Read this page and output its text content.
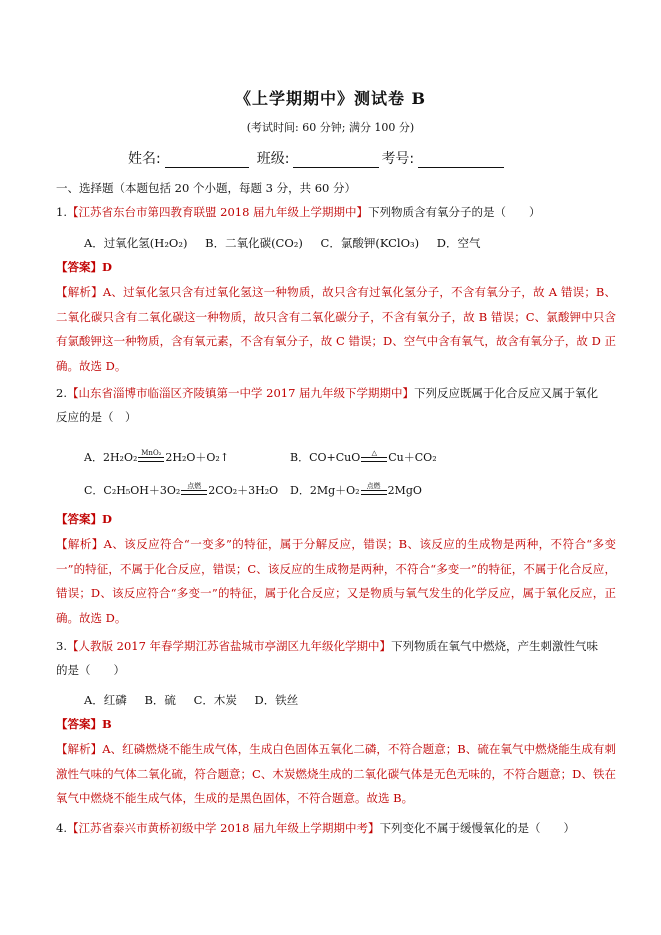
《上学期期中》测试卷 B
(考试时间: 60 分钟; 满分 100 分)
姓名:	班级:	考号:
一、选择题（本题包括 20 个小题，每题 3 分，共 60 分）
1.【江苏省东台市第四教育联盟 2018 届九年级上学期期中】下列物质含有氧分子的是（　　）
A．过氧化氢(H₂O₂) B．二氧化碳(CO₂) C．氯酸钾(KClO₃) D．空气
【答案】D
【解析】A、过氧化氢只含有过氧化氢这一种物质，故只含有过氧化氢分子，不含有氧分子，故 A 错误；B、二氧化碳只含有二氧化碳这一种物质，故只含有二氧化碳分子，不含有氧分子，故 B 错误；C、氯酸钾中只含有氯酸钾这一种物质，含有氧元素，不含有氧分子，故 C 错误；D、空气中含有氧气，故含有氧分子，故 D 正确。故选 D。
2.【山东省淄博市临淄区齐陵镇第一中学 2017 届九年级下学期期中】下列反应既属于化合反应又属于氧化反应的是（　）
A． 2H₂O₂ MnO₂ 2H₂O＋O₂↑	B． CO+CuO △ Cu＋CO₂
C． C₂H₅OH＋3O₂ 点燃 2CO₂＋3H₂O D． 2Mg＋O₂ 点燃 2MgO
【答案】D
【解析】A、该反应符合“一变多”的特征，属于分解反应，错误；B、该反应的生成物是两种，不符合“多变一”的特征，不属于化合反应，错误；C、该反应的生成物是两种，不符合“多变一”的特征，不属于化合反应，错误；D、该反应符合“多变一”的特征，属于化合反应；又是物质与氧气发生的化学反应，属于氧化反应，正确。故选 D。
3.【人教版 2017 年春学期江苏省盐城市亭湖区九年级化学期中】下列物质在氧气中燃烧，产生刺激性气味的是（　　）
A．红磷 B．硫 C．木炭 D．铁丝
【答案】B
【解析】A、红磷燃烧不能生成气体，生成白色固体五氧化二磷，不符合题意；B、硫在氧气中燃烧能生成有刺激性气味的气体二氧化硫，符合题意；C、木炭燃烧生成的二氧化碳气体是无色无味的，不符合题意；D、铁在氧气中燃烧不能生成气体，生成的是黑色固体，不符合题意。故选 B。
4.【江苏省泰兴市黄桥初级中学 2018 届九年级上学期期中考】下列变化不属于缓慢氧化的是（　　）
